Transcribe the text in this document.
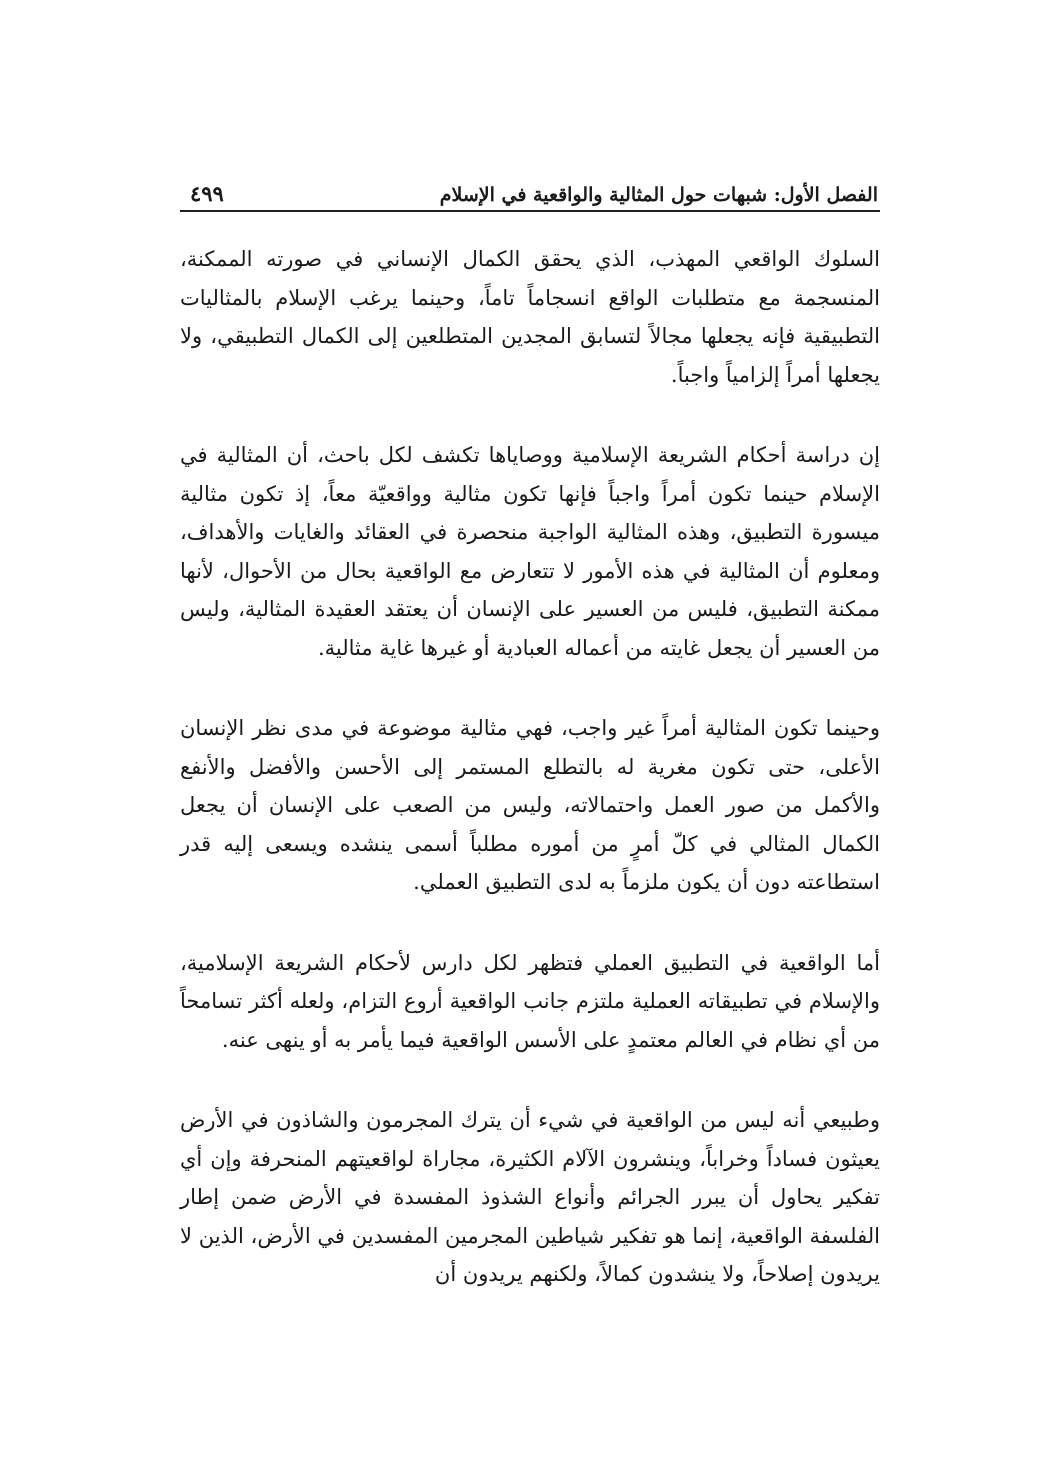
الفصل الأول: شبهات حول المثالية والواقعية في الإسلام
٤٩٩

السلوك الواقعي المهذب، الذي يحقق الكمال الإنساني في صورته الممكنة، المنسجمة مع متطلبات الواقع انسجاماً تاماً، وحينما يرغب الإسلام بالمثاليات التطبيقية فإنه يجعلها مجالاً لتسابق المجدين المتطلعين إلى الكمال التطبيقي، ولا يجعلها أمراً إلزامياً واجباً.

إن دراسة أحكام الشريعة الإسلامية ووصاياها تكشف لكل باحث، أن المثالية في الإسلام حينما تكون أمراً واجباً فإنها تكون مثالية وواقعيّة معاً، إذ تكون مثالية ميسورة التطبيق، وهذه المثالية الواجبة منحصرة في العقائد والغايات والأهداف، ومعلوم أن المثالية في هذه الأمور لا تتعارض مع الواقعية بحال من الأحوال، لأنها ممكنة التطبيق، فليس من العسير على الإنسان أن يعتقد العقيدة المثالية، وليس من العسير أن يجعل غايته من أعماله العبادية أو غيرها غاية مثالية.

وحينما تكون المثالية أمراً غير واجب، فهي مثالية موضوعة في مدى نظر الإنسان الأعلى، حتى تكون مغرية له بالتطلع المستمر إلى الأحسن والأفضل والأنفع والأكمل من صور العمل واحتمالاته، وليس من الصعب على الإنسان أن يجعل الكمال المثالي في كلّ أمرٍ من أموره مطلباً أسمى ينشده ويسعى إليه قدر استطاعته دون أن يكون ملزماً به لدى التطبيق العملي.

أما الواقعية في التطبيق العملي فتظهر لكل دارس لأحكام الشريعة الإسلامية، والإسلام في تطبيقاته العملية ملتزم جانب الواقعية أروع التزام، ولعله أكثر تسامحاً من أي نظام في العالم معتمدٍ على الأسس الواقعية فيما يأمر به أو ينهى عنه.

وطبيعي أنه ليس من الواقعية في شيء أن يترك المجرمون والشاذون في الأرض يعيثون فساداً وخراباً، وينشرون الآلام الكثيرة، مجاراة لواقعيتهم المنحرفة وإن أي تفكير يحاول أن يبرر الجرائم وأنواع الشذوذ المفسدة في الأرض ضمن إطار الفلسفة الواقعية، إنما هو تفكير شياطين المجرمين المفسدين في الأرض، الذين لا يريدون إصلاحاً، ولا ينشدون كمالاً، ولكنهم يريدون أن
